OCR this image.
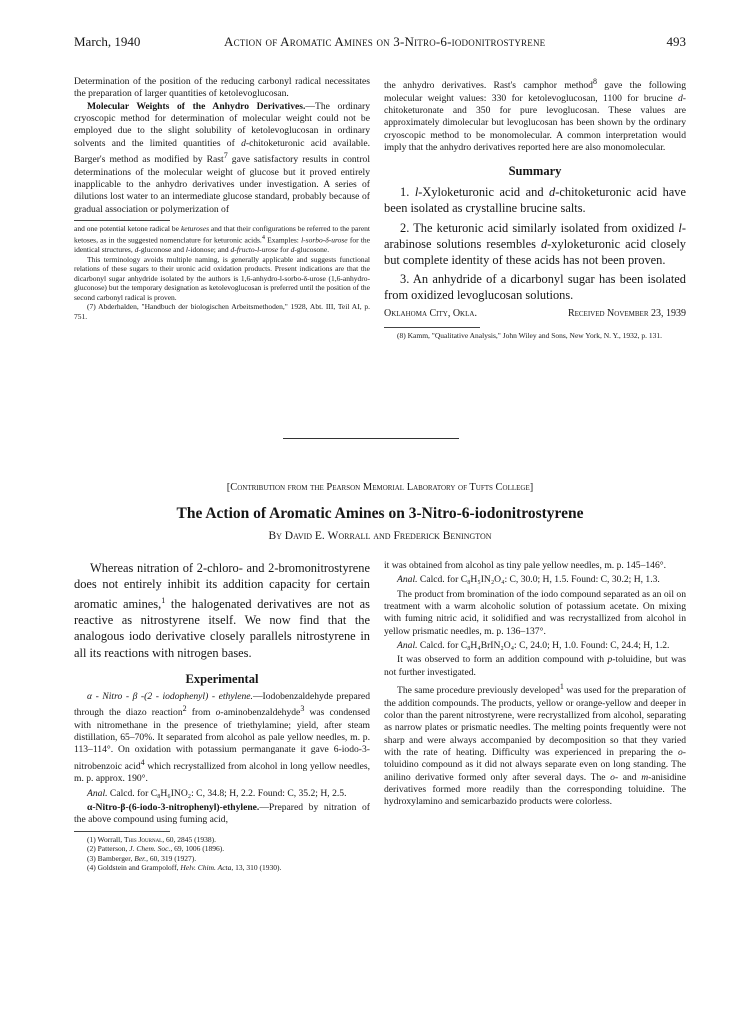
March, 1940	Action of Aromatic Amines on 3-Nitro-6-iodonitrostyrene	493

Determination of the position of the reducing carbonyl radical necessitates the preparation of larger quantities of ketolevoglucosan.

Molecular Weights of the Anhydro Derivatives.—The ordinary cryoscopic method for determination of molecular weight could not be employed due to the slight solubility of ketolevoglucosan in ordinary solvents and the limited quantities of d-chitoketuronic acid available. Barger's method as modified by Rast$^7$ gave satisfactory results in control determinations of the molecular weight of glucose but it proved entirely inapplicable to the anhydro derivatives under investigation. A series of dilutions lost water to an intermediate glucose standard, probably because of gradual association or polymerization of

and one potential ketone radical be keturoses and that their configurations be referred to the parent ketoses, as in the suggested nomenclature for keturonic acids.$^4$ Examples: l-sorbo-δ-urose for the identical structures, d-gluconose and l-idonose; and d-fructo-l-urose for d-glucosone.

This terminology avoids multiple naming, is generally applicable and suggests functional relations of these sugars to their uronic acid oxidation products. Present indications are that the dicarbonyl sugar anhydride isolated by the authors is 1,6-anhydro-l-sorbo-δ-urose (1,6-anhydro-gluconose) but the temporary designation as ketolevoglucosan is preferred until the position of the second carbonyl radical is proven.

(7) Abderhalden, "Handbuch der biologischen Arbeitsmethoden," 1928, Abt. III, Teil AI, p. 751.

the anhydro derivatives. Rast's camphor method$^8$ gave the following molecular weight values: 330 for ketolevoglucosan, 1100 for brucine d-chitoketuronate and 350 for pure levoglucosan. These values are approximately dimolecular but levoglucosan has been shown by the ordinary cryoscopic method to be monomolecular. A common interpretation would imply that the anhydro derivatives reported here are also monomolecular.

Summary

1. l-Xyloketuronic acid and d-chitoketuronic acid have been isolated as crystalline brucine salts.

2. The keturonic acid similarly isolated from oxidized l-arabinose solutions resembles d-xyloketuronic acid closely but complete identity of these acids has not been proven.

3. An anhydride of a dicarbonyl sugar has been isolated from oxidized levoglucosan solutions.

Oklahoma City, Okla.	Received November 23, 1939

(8) Kamm, "Qualitative Analysis," John Wiley and Sons, New York, N. Y., 1932, p. 131.

[Contribution from the Pearson Memorial Laboratory of Tufts College]
The Action of Aromatic Amines on 3-Nitro-6-iodonitrostyrene
By David E. Worrall and Frederick Benington

Whereas nitration of 2-chloro- and 2-bromonitrostyrene does not entirely inhibit its addition capacity for certain aromatic amines,$^1$ the halogenated derivatives are not as reactive as nitrostyrene itself. We now find that the analogous iodo derivative closely parallels nitrostyrene in all its reactions with nitrogen bases.

Experimental

α - Nitro - β -(2 - iodophenyl) - ethylene.—Iodobenzaldehyde prepared through the diazo reaction$^2$ from o-aminobenzaldehyde$^3$ was condensed with nitromethane in the presence of triethylamine; yield, after steam distillation, 65–70%. It separated from alcohol as pale yellow needles, m. p. 113–114°. On oxidation with potassium permanganate it gave 6-iodo-3-nitrobenzoic acid$^4$ which recrystallized from alcohol in long yellow needles, m. p. approx. 190°.

Anal. Calcd. for C₈H₆INO₂: C, 34.8; H, 2.2. Found: C, 35.2; H, 2.5.

α-Nitro-β-(6-iodo-3-nitrophenyl)-ethylene.—Prepared by nitration of the above compound using fuming acid,

(1) Worrall, This Journal, 60, 2845 (1938).

(2) Patterson, J. Chem. Soc., 69, 1006 (1896).

(3) Bamberger, Ber., 60, 319 (1927).

(4) Goldstein and Grampoloff, Helv. Chim. Acta, 13, 310 (1930).

it was obtained from alcohol as tiny pale yellow needles, m. p. 145–146°.

Anal. Calcd. for C₈H₅IN₂O₄: C, 30.0; H, 1.5. Found: C, 30.2; H, 1.3.

The product from bromination of the iodo compound separated as an oil on treatment with a warm alcoholic solution of potassium acetate. On mixing with fuming nitric acid, it solidified and was recrystallized from alcohol in yellow prismatic needles, m. p. 136–137°.

Anal. Calcd. for C₈H₄BrIN₂O₄: C, 24.0; H, 1.0. Found: C, 24.4; H, 1.2.

It was observed to form an addition compound with p-toluidine, but was not further investigated.

The same procedure previously developed$^1$ was used for the preparation of the addition compounds. The products, yellow or orange-yellow and deeper in color than the parent nitrostyrene, were recrystallized from alcohol, separating as narrow plates or prismatic needles. The melting points frequently were not sharp and were always accompanied by decomposition so that they varied with the rate of heating. Difficulty was experienced in preparing the o-toluidino compound as it did not always separate even on long standing. The anilino derivative formed only after several days. The o- and m-anisidine derivatives formed more readily than the corresponding toluidine. The hydroxylamino and semicarbazido products were colorless.
